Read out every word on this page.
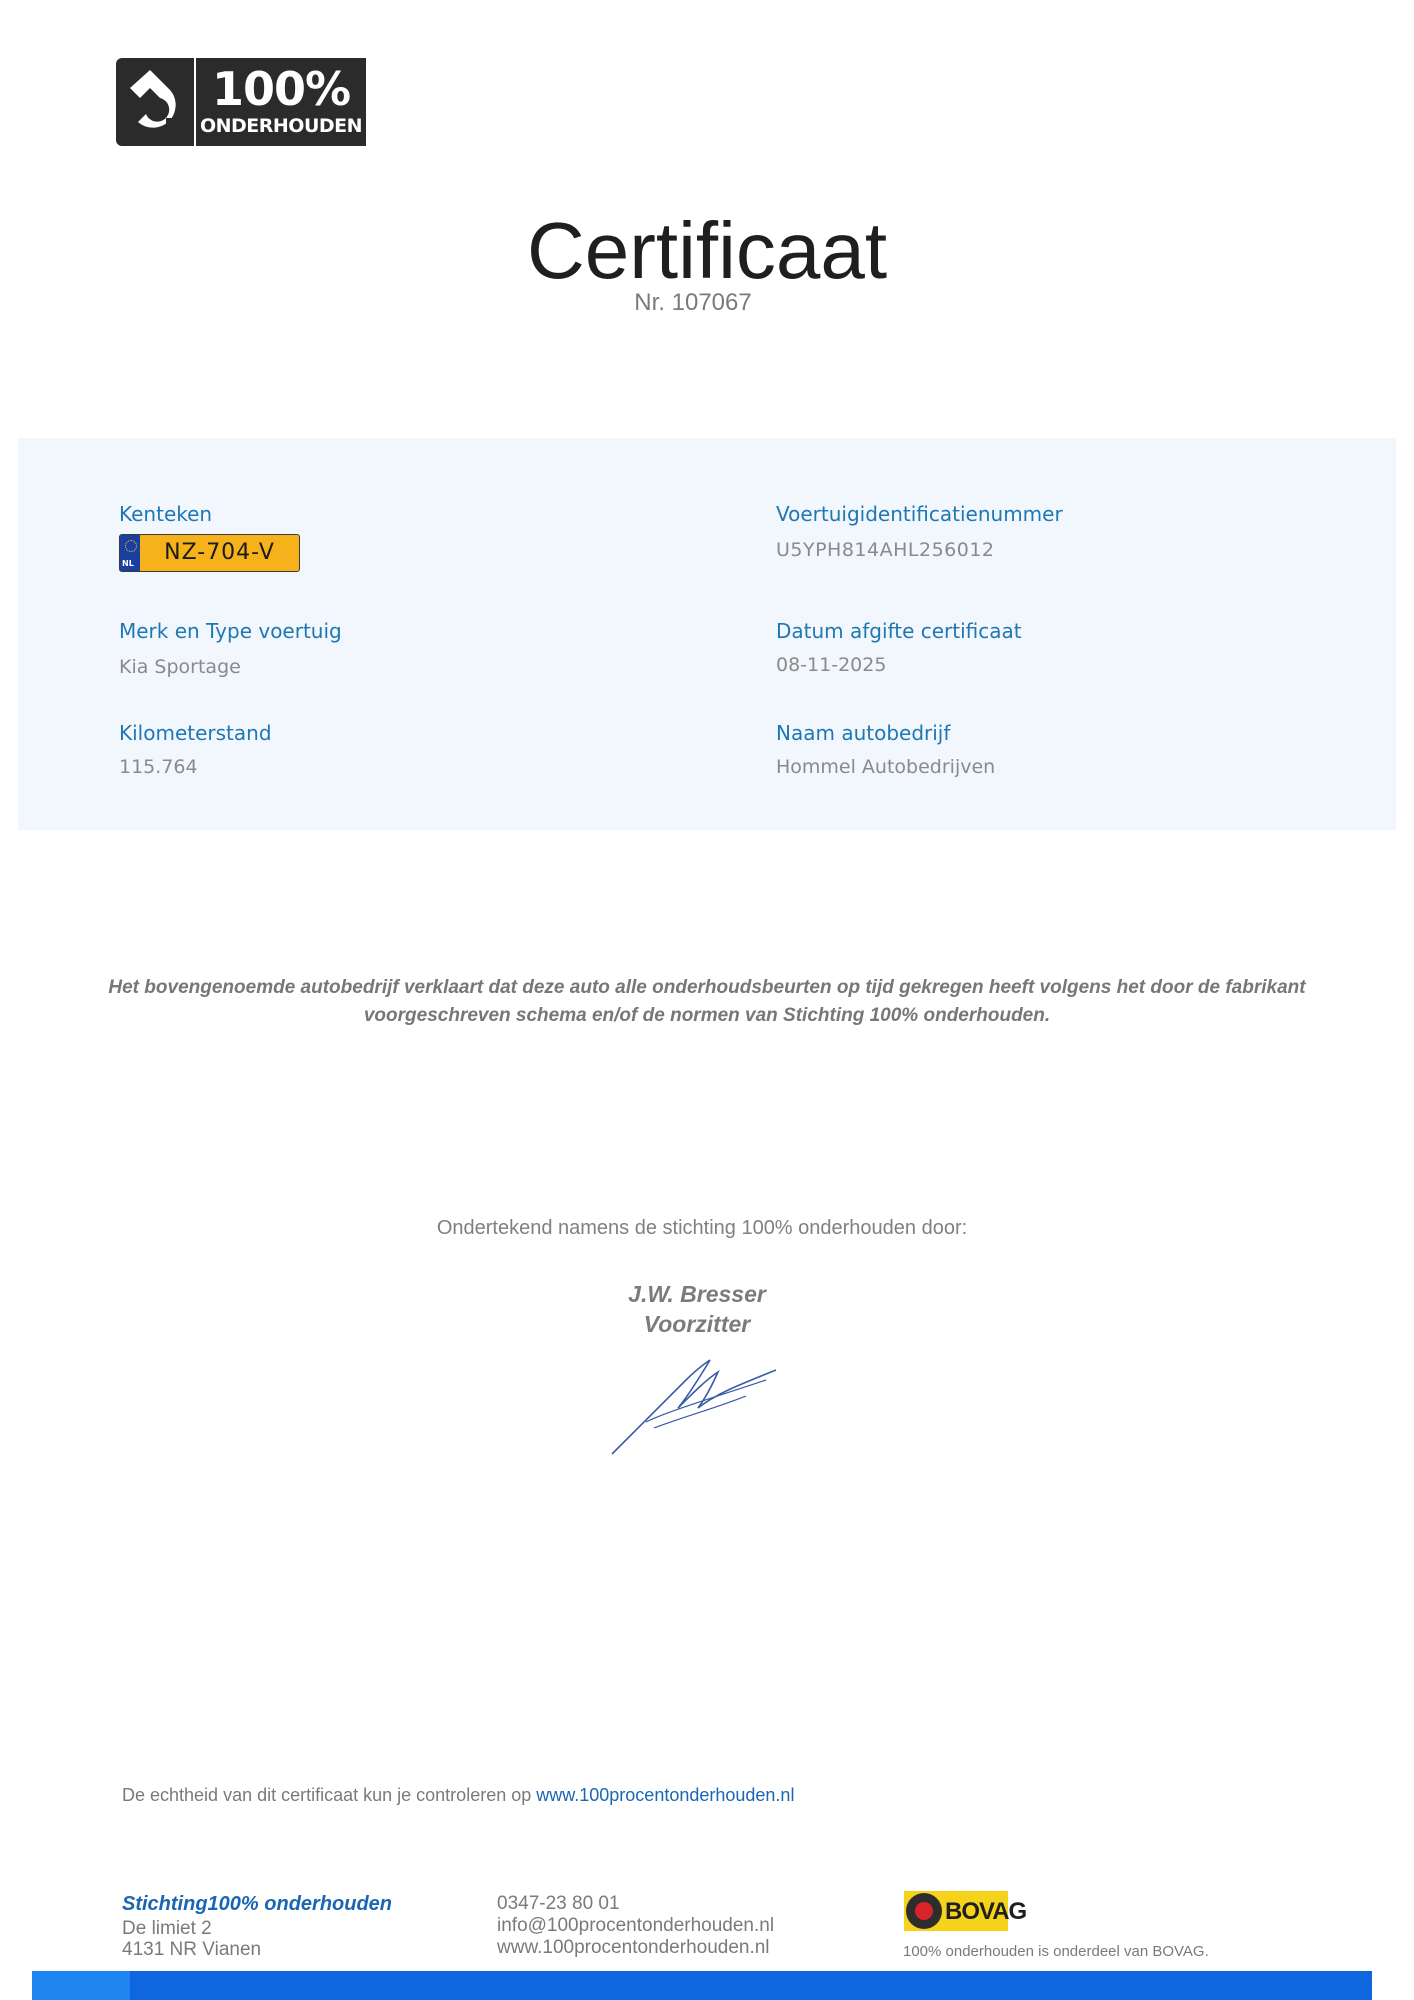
100%
ONDERHOUDEN
Certificaat
Nr. 107067
Kenteken
NL	NZ-704-V
Voertuigidentificatienummer
U5YPH814AHL256012
Merk en Type voertuig
Kia Sportage
Datum afgifte certificaat
08-11-2025
Kilometerstand
115.764
Naam autobedrijf
Hommel Autobedrijven
Het bovengenoemde autobedrijf verklaart dat deze auto alle onderhoudsbeurten op tijd gekregen heeft volgens het door de fabrikant
voorgeschreven schema en/of de normen van Stichting 100% onderhouden.
Ondertekend namens de stichting 100% onderhouden door:
J.W. Bresser
Voorzitter
De echtheid van dit certificaat kun je controleren op www.100procentonderhouden.nl
Stichting100% onderhouden
De limiet 2
4131 NR Vianen
0347-23 80 01
info@100procentonderhouden.nl
www.100procentonderhouden.nl
BOVAG
100% onderhouden is onderdeel van BOVAG.
